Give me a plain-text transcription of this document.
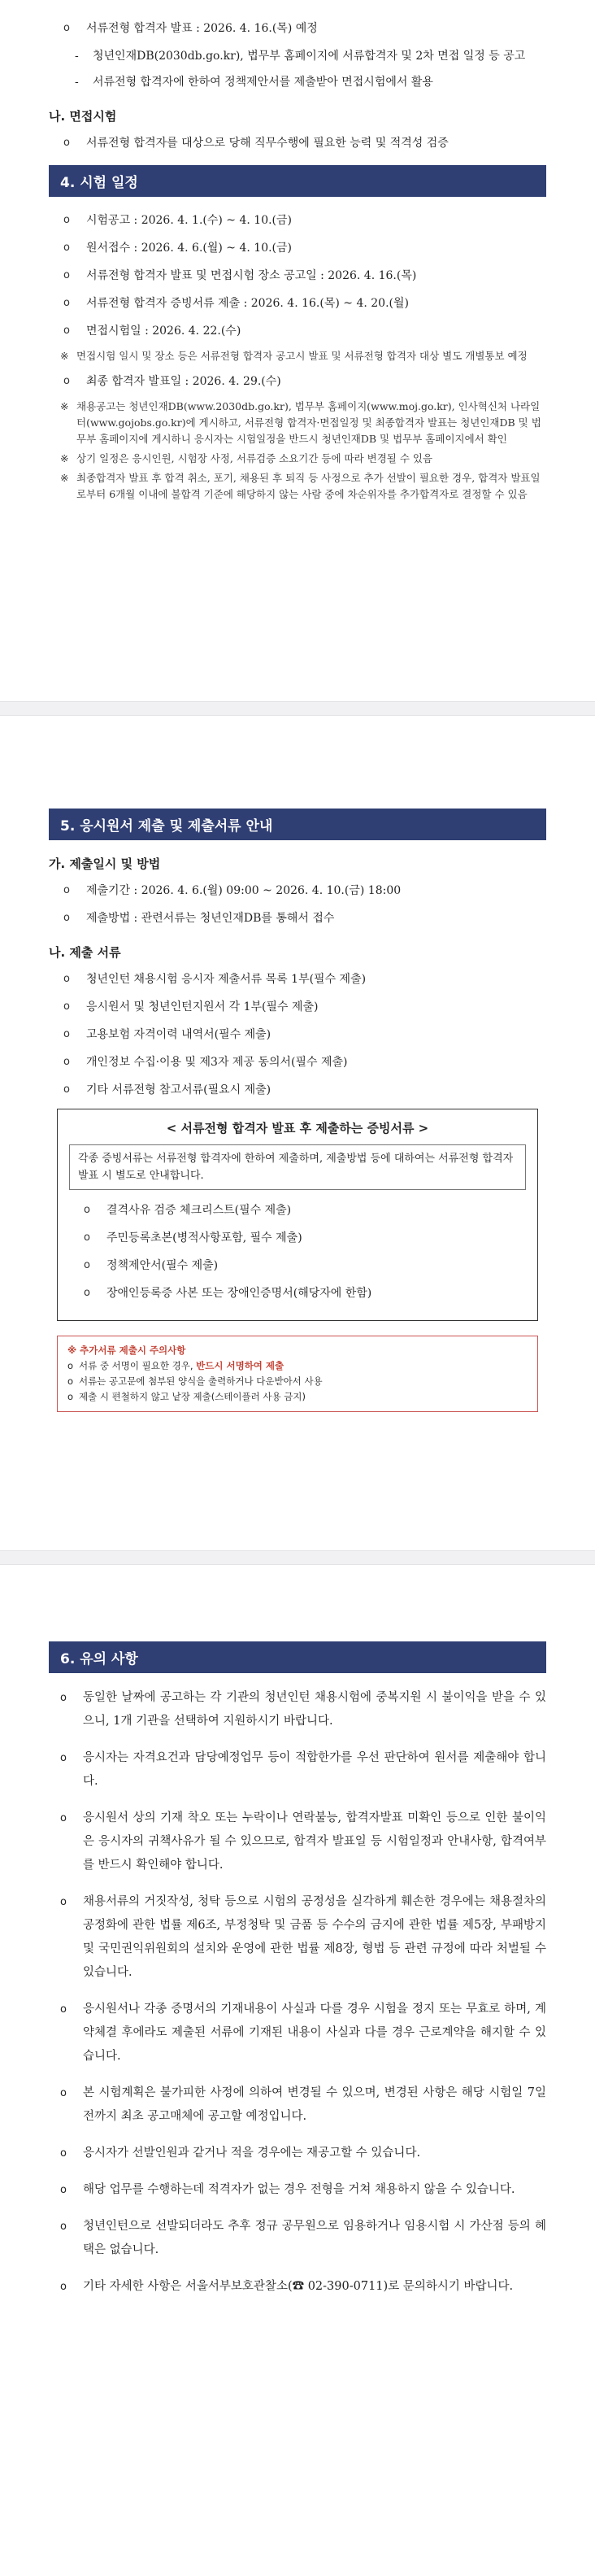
o 서류전형 합격자 발표 : 2026. 4. 16.(목) 예정
- 청년인재DB(2030db.go.kr), 법무부 홈페이지에 서류합격자 및 2차 면접 일정 등 공고
- 서류전형 합격자에 한하여 정책제안서를 제출받아 면접시험에서 활용
나. 면접시험
o 서류전형 합격자를 대상으로 당해 직무수행에 필요한 능력 및 적격성 검증
4. 시험 일정
o 시험공고 : 2026. 4. 1.(수) ~ 4. 10.(금)
o 원서접수 : 2026. 4. 6.(월) ~ 4. 10.(금)
o 서류전형 합격자 발표 및 면접시험 장소 공고일 : 2026. 4. 16.(목)
o 서류전형 합격자 증빙서류 제출 : 2026. 4. 16.(목) ~ 4. 20.(월)
o 면접시험일 : 2026. 4. 22.(수)
※ 면접시험 일시 및 장소 등은 서류전형 합격자 공고시 발표 및 서류전형 합격자 대상 별도 개별통보 예정
o 최종 합격자 발표일 : 2026. 4. 29.(수)
※ 채용공고는 청년인재DB(www.2030db.go.kr), 법무부 홈페이지(www.moj.go.kr), 인사혁신처 나라일터(www.gojobs.go.kr)에 게시하고, 서류전형 합격자·면접일정 및 최종합격자 발표는 청년인재DB 및 법무부 홈페이지에 게시하니 응시자는 시험일정을 반드시 청년인재DB 및 법무부 홈페이지에서 확인
※ 상기 일정은 응시인원, 시험장 사정, 서류검증 소요기간 등에 따라 변경될 수 있음
※ 최종합격자 발표 후 합격 취소, 포기, 채용된 후 퇴직 등 사정으로 추가 선발이 필요한 경우, 합격자 발표일로부터 6개월 이내에 불합격 기준에 해당하지 않는 사람 중에 차순위자를 추가합격자로 결정할 수 있음
5. 응시원서 제출 및 제출서류 안내
가. 제출일시 및 방법
o 제출기간 : 2026. 4. 6.(월) 09:00 ~ 2026. 4. 10.(금) 18:00
o 제출방법 : 관련서류는 청년인재DB를 통해서 접수
나. 제출 서류
o 청년인턴 채용시험 응시자 제출서류 목록 1부(필수 제출)
o 응시원서 및 청년인턴지원서 각 1부(필수 제출)
o 고용보험 자격이력 내역서(필수 제출)
o 개인정보 수집·이용 및 제3자 제공 동의서(필수 제출)
o 기타 서류전형 참고서류(필요시 제출)
< 서류전형 합격자 발표 후 제출하는 증빙서류 >
각종 증빙서류는 서류전형 합격자에 한하여 제출하며, 제출방법 등에 대하여는 서류전형 합격자 발표 시 별도로 안내합니다.
o 결격사유 검증 체크리스트(필수 제출)
o 주민등록초본(병적사항포함, 필수 제출)
o 정책제안서(필수 제출)
o 장애인등록증 사본 또는 장애인증명서(해당자에 한함)
※ 추가서류 제출시 주의사항
o 서류 중 서명이 필요한 경우, 반드시 서명하여 제출
o 서류는 공고문에 첨부된 양식을 출력하거나 다운받아서 사용
o 제출 시 편철하지 않고 낱장 제출(스테이플러 사용 금지)
6. 유의 사항
o 동일한 날짜에 공고하는 각 기관의 청년인턴 채용시험에 중복지원 시 불이익을 받을 수 있으니, 1개 기관을 선택하여 지원하시기 바랍니다.
o 응시자는 자격요건과 담당예정업무 등이 적합한가를 우선 판단하여 원서를 제출해야 합니다.
o 응시원서 상의 기재 착오 또는 누락이나 연락불능, 합격자발표 미확인 등으로 인한 불이익은 응시자의 귀책사유가 될 수 있으므로, 합격자 발표일 등 시험일정과 안내사항, 합격여부를 반드시 확인해야 합니다.
o 채용서류의 거짓작성, 청탁 등으로 시험의 공정성을 실각하게 훼손한 경우에는 채용절차의 공정화에 관한 법률 제6조, 부정청탁 및 금품 등 수수의 금지에 관한 법률 제5장, 부패방지 및 국민권익위원회의 설치와 운영에 관한 법률 제8장, 형법 등 관련 규정에 따라 처벌될 수 있습니다.
o 응시원서나 각종 증명서의 기재내용이 사실과 다를 경우 시험을 정지 또는 무효로 하며, 계약체결 후에라도 제출된 서류에 기재된 내용이 사실과 다를 경우 근로계약을 해지할 수 있습니다.
o 본 시험계획은 불가피한 사정에 의하여 변경될 수 있으며, 변경된 사항은 해당 시험일 7일 전까지 최초 공고매체에 공고할 예정입니다.
o 응시자가 선발인원과 같거나 적을 경우에는 재공고할 수 있습니다.
o 해당 업무를 수행하는데 적격자가 없는 경우 전형을 거쳐 채용하지 않을 수 있습니다.
o 청년인턴으로 선발되더라도 추후 정규 공무원으로 임용하거나 임용시험 시 가산점 등의 혜택은 없습니다.
o 기타 자세한 사항은 서울서부보호관찰소(☎ 02-390-0711)로 문의하시기 바랍니다.
